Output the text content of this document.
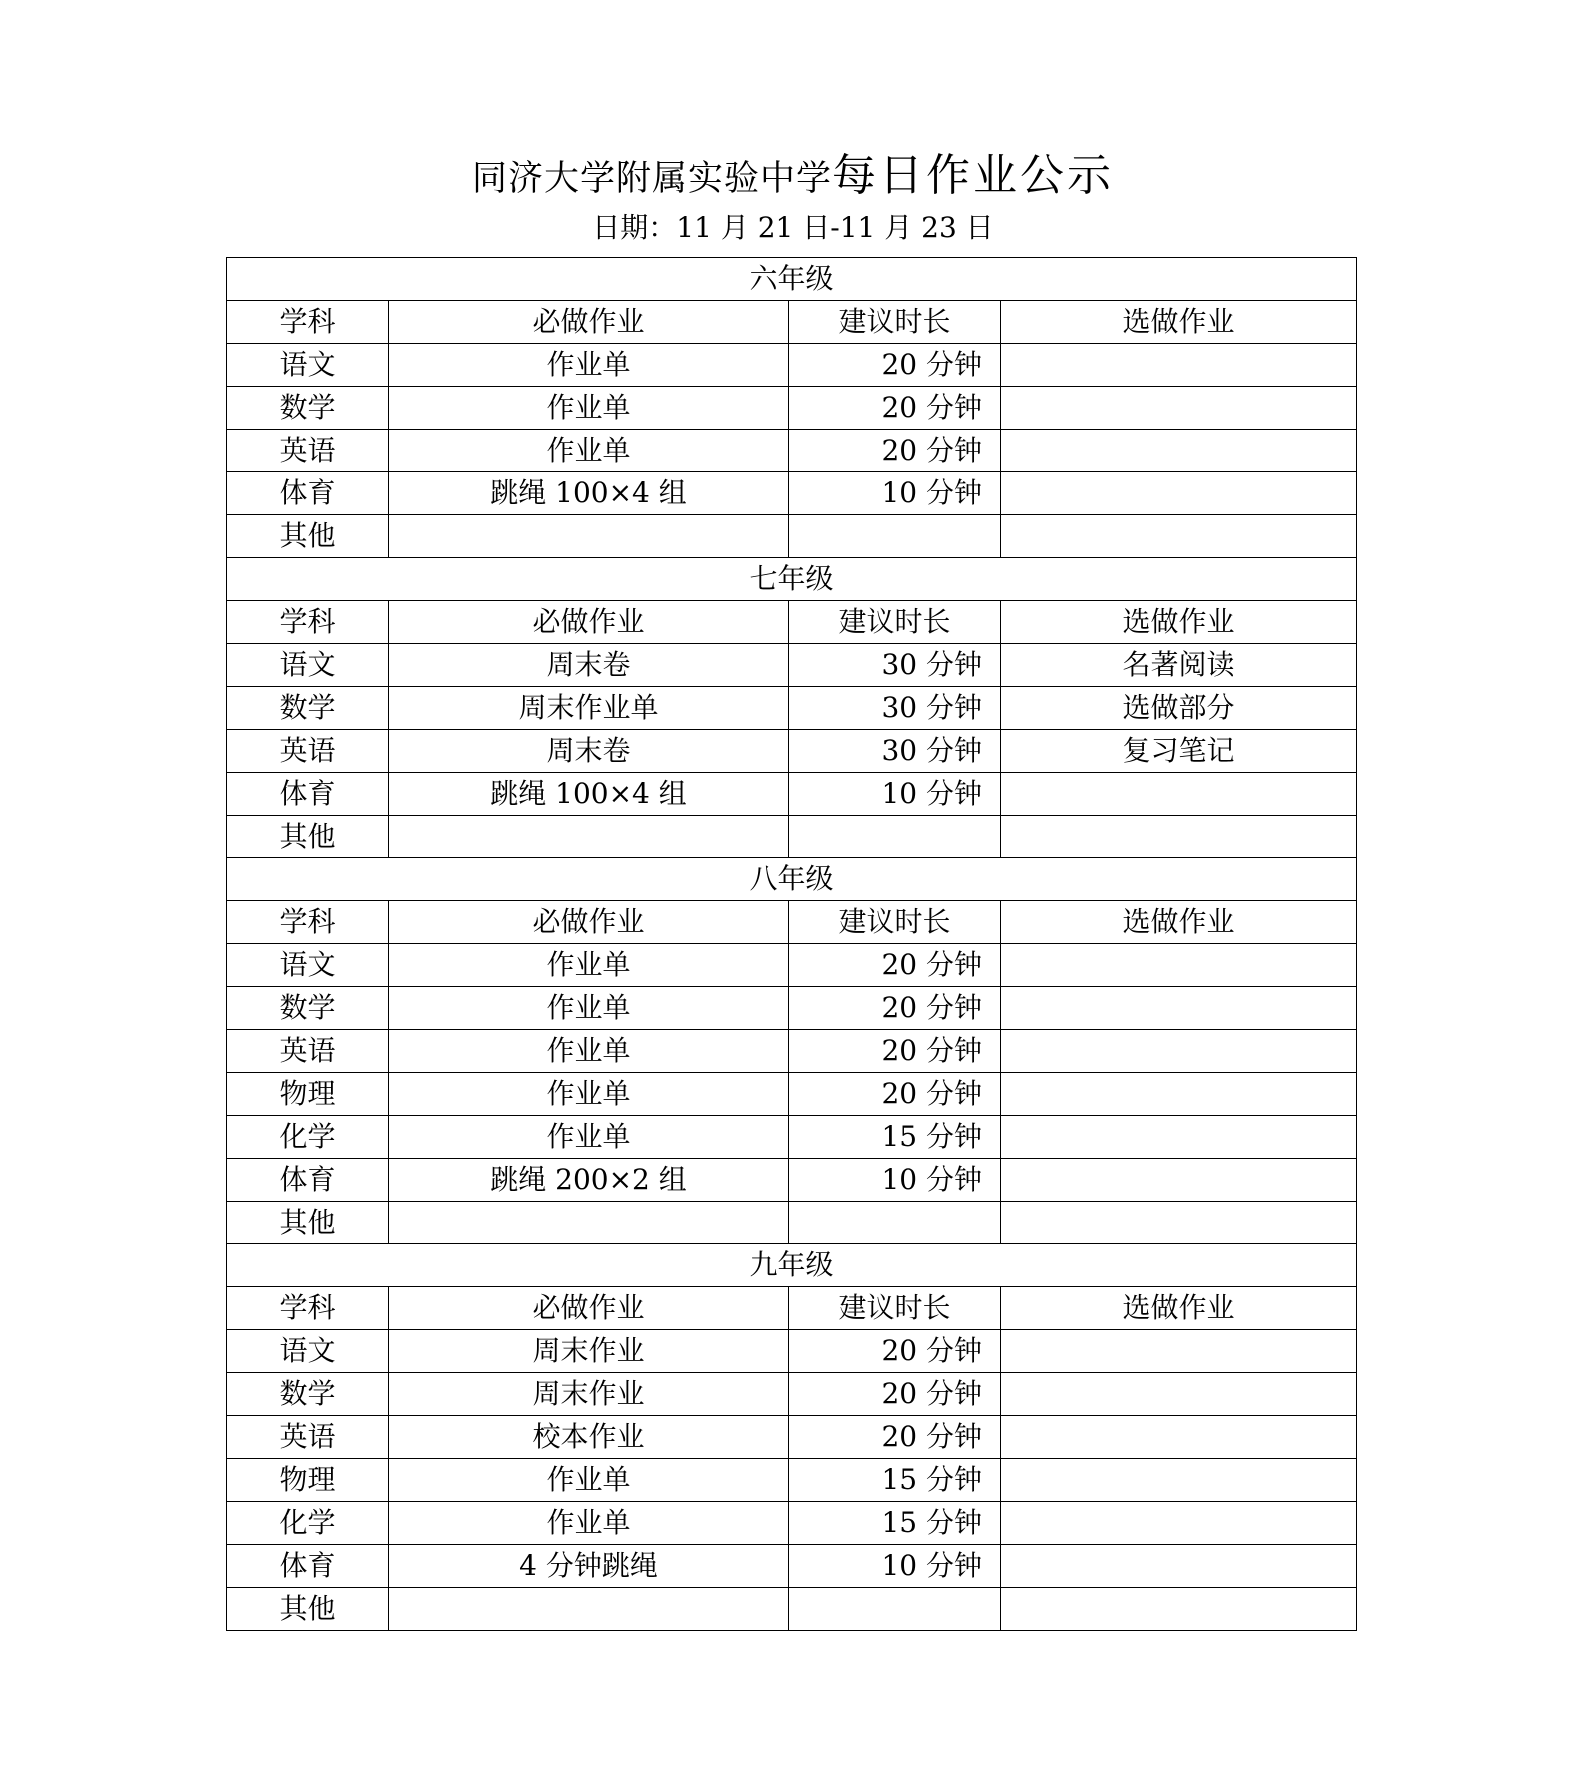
同济大学附属实验中学每日作业公示
日期：11 月 21 日-11 月 23 日
六年级			
学科	必做作业	建议时长	选做作业
语文	作业单	20 分钟	
数学	作业单	20 分钟	
英语	作业单	20 分钟	
体育	跳绳 100×4 组	10 分钟	
其他			
七年级			
学科	必做作业	建议时长	选做作业
语文	周末卷	30 分钟	名著阅读
数学	周末作业单	30 分钟	选做部分
英语	周末卷	30 分钟	复习笔记
体育	跳绳 100×4 组	10 分钟	
其他			
八年级			
学科	必做作业	建议时长	选做作业
语文	作业单	20 分钟	
数学	作业单	20 分钟	
英语	作业单	20 分钟	
物理	作业单	20 分钟	
化学	作业单	15 分钟	
体育	跳绳 200×2 组	10 分钟	
其他			
九年级			
学科	必做作业	建议时长	选做作业
语文	周末作业	20 分钟	
数学	周末作业	20 分钟	
英语	校本作业	20 分钟	
物理	作业单	15 分钟	
化学	作业单	15 分钟	
体育	4 分钟跳绳	10 分钟	
其他			
